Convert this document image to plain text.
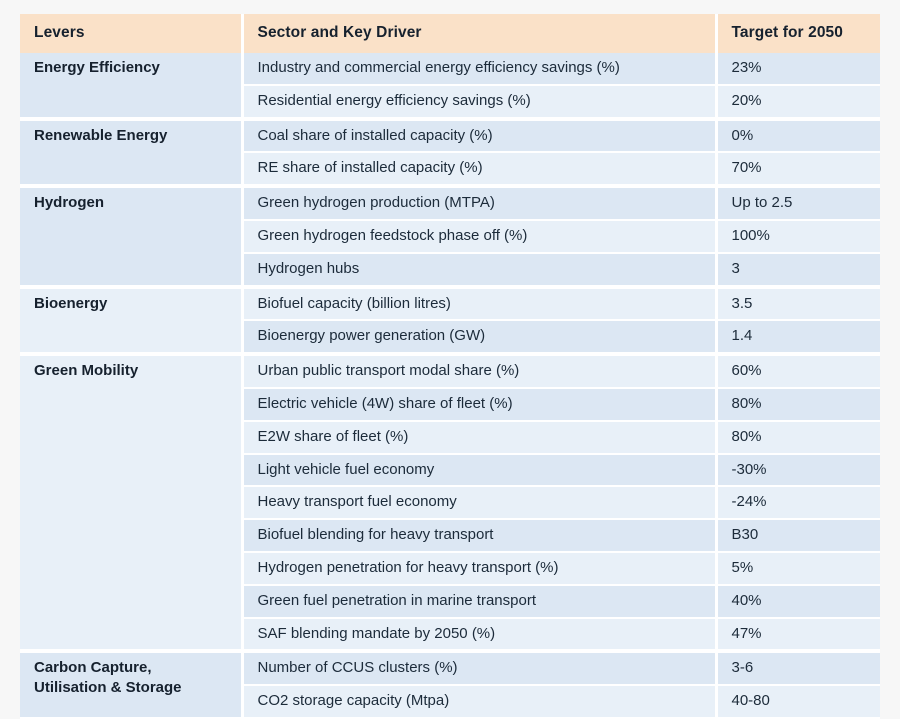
Levers	Sector and Key Driver	Target for 2050
Energy Efficiency	Industry and commercial energy efficiency savings (%)	23%
	Residential energy efficiency savings (%)	20%
Renewable Energy	Coal share of installed capacity (%)	0%
	RE share of installed capacity (%)	70%
Hydrogen	Green hydrogen production (MTPA)	Up to 2.5
	Green hydrogen feedstock phase off (%)	100%
	Hydrogen hubs	3
Bioenergy	Biofuel capacity (billion litres)	3.5
	Bioenergy power generation (GW)	1.4
Green Mobility	Urban public transport modal share (%)	60%
	Electric vehicle (4W) share of fleet (%)	80%
	E2W share of fleet (%)	80%
	Light vehicle fuel economy	-30%
	Heavy transport fuel economy	-24%
	Biofuel blending for heavy transport	B30
	Hydrogen penetration for heavy transport (%)	5%
	Green fuel penetration in marine transport	40%
	SAF blending mandate by 2050 (%)	47%
Carbon Capture, Utilisation & Storage	Number of CCUS clusters (%)	3-6
	CO2 storage capacity (Mtpa)	40-80
